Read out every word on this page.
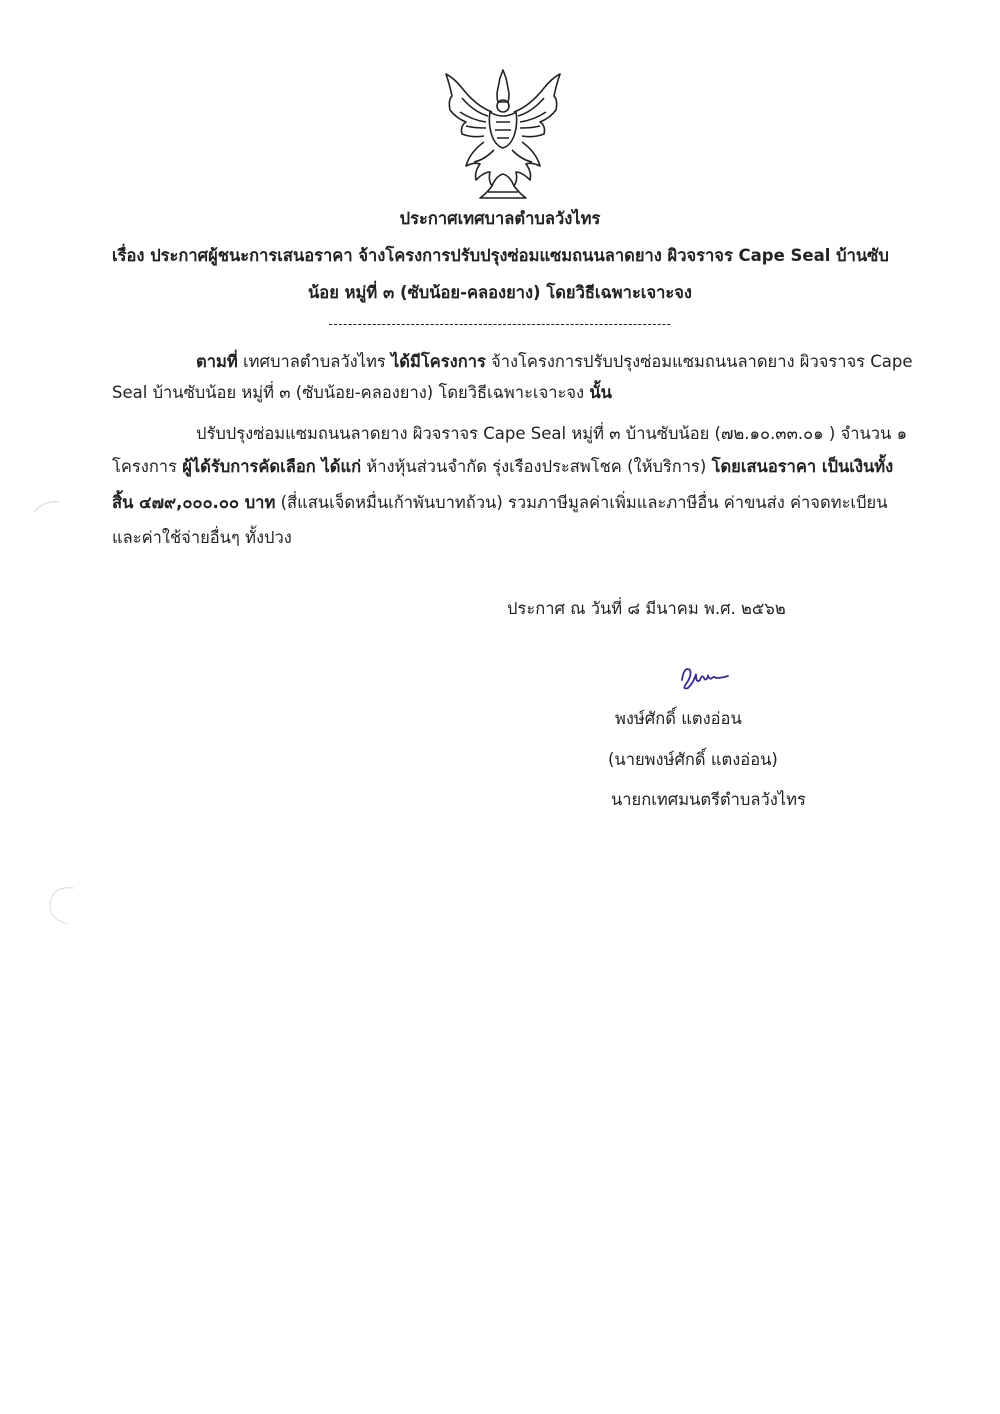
ประกาศเทศบาลตำบลวังไทร
เรื่อง ประกาศผู้ชนะการเสนอราคา จ้างโครงการปรับปรุงซ่อมแซมถนนลาดยาง ผิวจราจร Cape Seal บ้านซับ
น้อย หมู่ที่ ๓ (ซับน้อย-คลองยาง) โดยวิธีเฉพาะเจาะจง
-----------------------------------------------------------------------
ตามที่ เทศบาลตำบลวังไทร ได้มีโครงการ จ้างโครงการปรับปรุงซ่อมแซมถนนลาดยาง ผิวจราจร Cape
Seal บ้านซับน้อย หมู่ที่ ๓ (ซับน้อย-คลองยาง) โดยวิธีเฉพาะเจาะจง นั้น
ปรับปรุงซ่อมแซมถนนลาดยาง ผิวจราจร Cape Seal หมู่ที่ ๓ บ้านซับน้อย (๗๒.๑๐.๓๓.๐๑ ) จำนวน ๑
โครงการ ผู้ได้รับการคัดเลือก ได้แก่ ห้างหุ้นส่วนจำกัด รุ่งเรืองประสพโชค (ให้บริการ) โดยเสนอราคา เป็นเงินทั้ง
สิ้น ๔๗๙,๐๐๐.๐๐ บาท (สี่แสนเจ็ดหมื่นเก้าพันบาทถ้วน) รวมภาษีมูลค่าเพิ่มและภาษีอื่น ค่าขนส่ง ค่าจดทะเบียน
และค่าใช้จ่ายอื่นๆ ทั้งปวง
ประกาศ ณ วันที่ ๘ มีนาคม พ.ศ. ๒๕๖๒
พงษ์ศักดิ์ แตงอ่อน
(นายพงษ์ศักดิ์ แตงอ่อน)
นายกเทศมนตรีตำบลวังไทร
